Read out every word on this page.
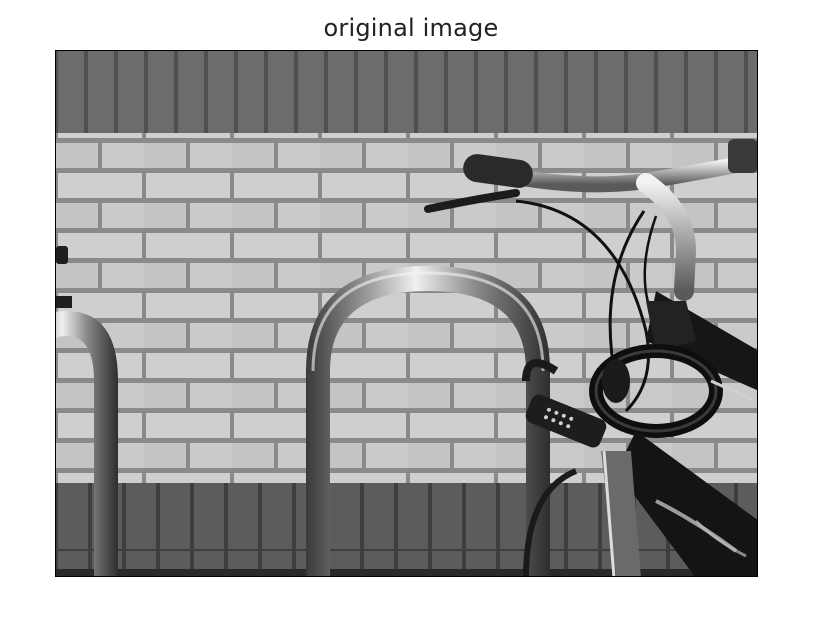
original image
